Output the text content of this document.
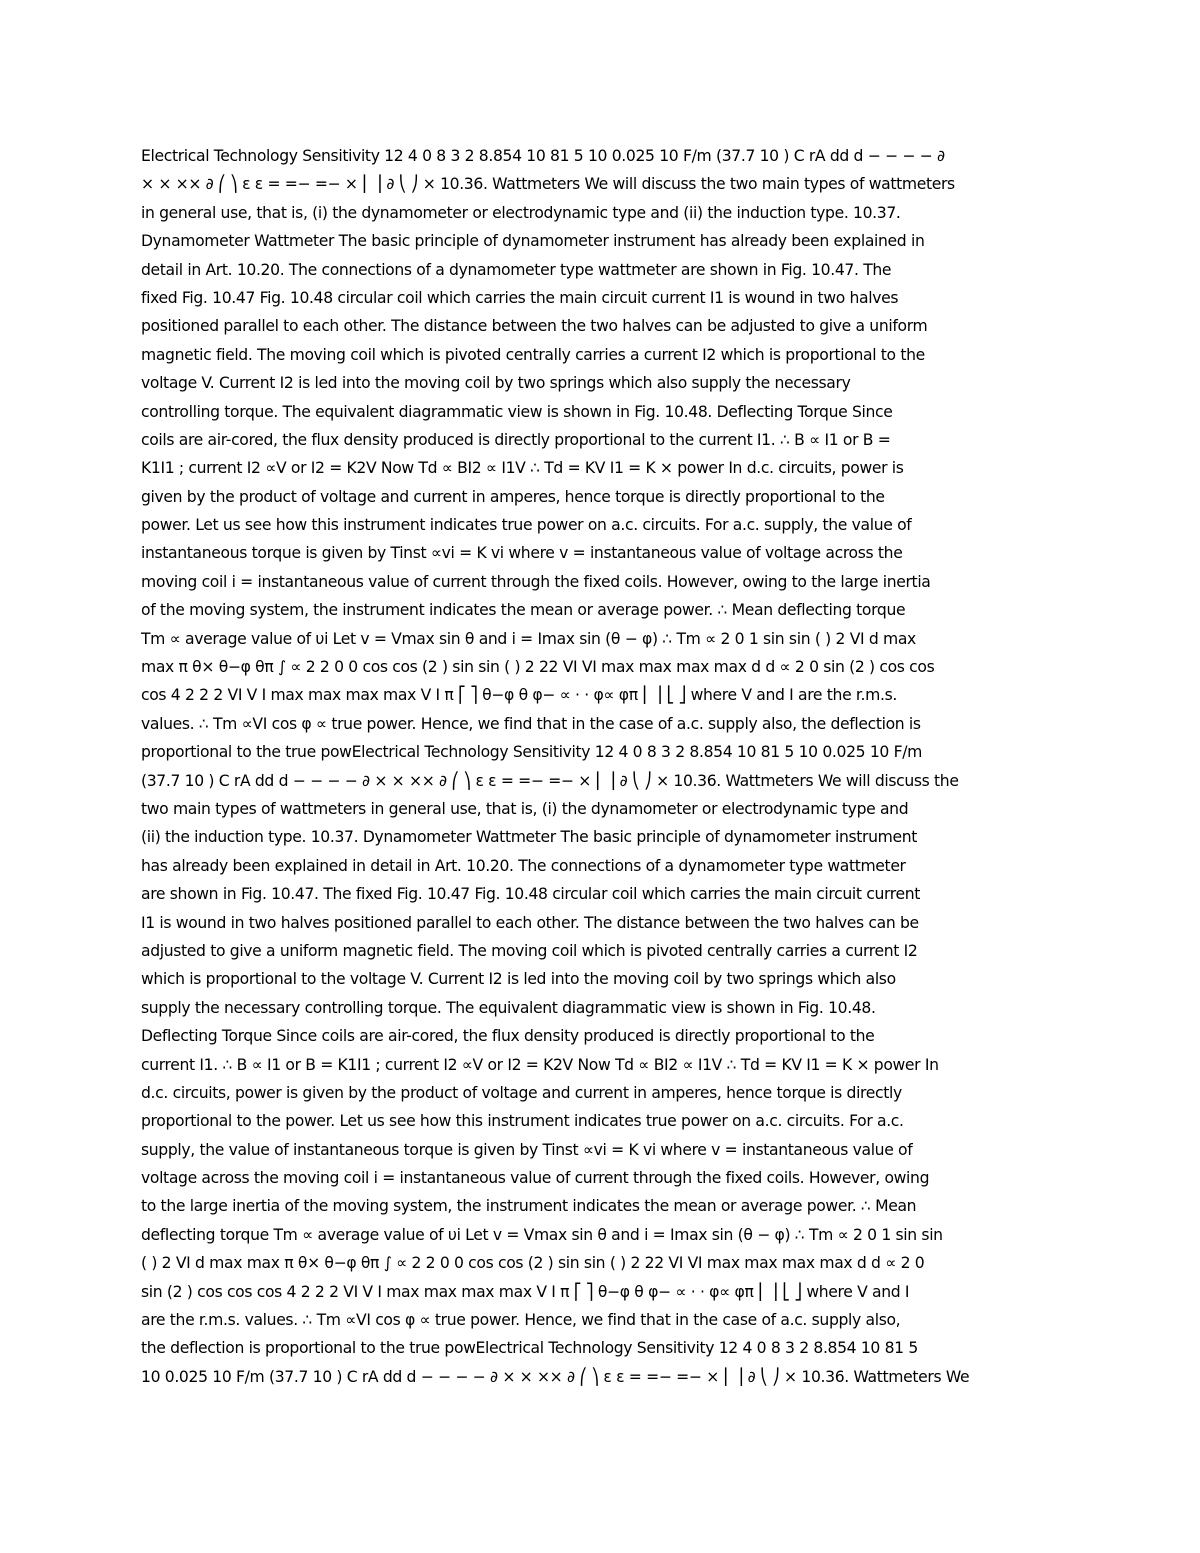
Electrical Technology Sensitivity 12 4 0 8 3 2 8.854 10 81 5 10 0.025 10 F/m (37.7 10 ) C rA dd d − − − − ∂
× × ×× ∂ ⎛ ⎞ ε ε = =− =− × ⎜ ⎟ ∂ ⎝ ⎠ × 10.36. Wattmeters We will discuss the two main types of wattmeters
in general use, that is, (i) the dynamometer or electrodynamic type and (ii) the induction type. 10.37.
Dynamometer Wattmeter The basic principle of dynamometer instrument has already been explained in
detail in Art. 10.20. The connections of a dynamometer type wattmeter are shown in Fig. 10.47. The
fixed Fig. 10.47 Fig. 10.48 circular coil which carries the main circuit current I1 is wound in two halves
positioned parallel to each other. The distance between the two halves can be adjusted to give a uniform
magnetic field. The moving coil which is pivoted centrally carries a current I2 which is proportional to the
voltage V. Current I2 is led into the moving coil by two springs which also supply the necessary
controlling torque. The equivalent diagrammatic view is shown in Fig. 10.48. Deflecting Torque Since
coils are air-cored, the flux density produced is directly proportional to the current I1. ∴ B ∝ I1 or B =
K1I1 ; current I2 ∝V or I2 = K2V Now Td ∝ BI2 ∝ I1V ∴ Td = KV I1 = K × power In d.c. circuits, power is
given by the product of voltage and current in amperes, hence torque is directly proportional to the
power. Let us see how this instrument indicates true power on a.c. circuits. For a.c. supply, the value of
instantaneous torque is given by Tinst ∝vi = K vi where v = instantaneous value of voltage across the
moving coil i = instantaneous value of current through the fixed coils. However, owing to the large inertia
of the moving system, the instrument indicates the mean or average power. ∴ Mean deflecting torque
Tm ∝ average value of υi Let v = Vmax sin θ and i = Imax sin (θ − φ) ∴ Tm ∝ 2 0 1 sin sin ( ) 2 VI d max
max π θ× θ−φ θπ ∫ ∝ 2 2 0 0 cos cos (2 ) sin sin ( ) 2 22 VI VI max max max max d d ∝ 2 0 sin (2 ) cos cos
cos 4 2 2 2 VI V I max max max max V I π ⎡ ⎤ θ−φ θ φ− ∝ · · φ∝ φπ ⎢ ⎥ ⎣ ⎦ where V and I are the r.m.s.
values. ∴ Tm ∝VI cos φ ∝ true power. Hence, we find that in the case of a.c. supply also, the deflection is
proportional to the true powElectrical Technology Sensitivity 12 4 0 8 3 2 8.854 10 81 5 10 0.025 10 F/m
(37.7 10 ) C rA dd d − − − − ∂ × × ×× ∂ ⎛ ⎞ ε ε = =− =− × ⎜ ⎟ ∂ ⎝ ⎠ × 10.36. Wattmeters We will discuss the
two main types of wattmeters in general use, that is, (i) the dynamometer or electrodynamic type and
(ii) the induction type. 10.37. Dynamometer Wattmeter The basic principle of dynamometer instrument
has already been explained in detail in Art. 10.20. The connections of a dynamometer type wattmeter
are shown in Fig. 10.47. The fixed Fig. 10.47 Fig. 10.48 circular coil which carries the main circuit current
I1 is wound in two halves positioned parallel to each other. The distance between the two halves can be
adjusted to give a uniform magnetic field. The moving coil which is pivoted centrally carries a current I2
which is proportional to the voltage V. Current I2 is led into the moving coil by two springs which also
supply the necessary controlling torque. The equivalent diagrammatic view is shown in Fig. 10.48.
Deflecting Torque Since coils are air-cored, the flux density produced is directly proportional to the
current I1. ∴ B ∝ I1 or B = K1I1 ; current I2 ∝V or I2 = K2V Now Td ∝ BI2 ∝ I1V ∴ Td = KV I1 = K × power In
d.c. circuits, power is given by the product of voltage and current in amperes, hence torque is directly
proportional to the power. Let us see how this instrument indicates true power on a.c. circuits. For a.c.
supply, the value of instantaneous torque is given by Tinst ∝vi = K vi where v = instantaneous value of
voltage across the moving coil i = instantaneous value of current through the fixed coils. However, owing
to the large inertia of the moving system, the instrument indicates the mean or average power. ∴ Mean
deflecting torque Tm ∝ average value of υi Let v = Vmax sin θ and i = Imax sin (θ − φ) ∴ Tm ∝ 2 0 1 sin sin
( ) 2 VI d max max π θ× θ−φ θπ ∫ ∝ 2 2 0 0 cos cos (2 ) sin sin ( ) 2 22 VI VI max max max max d d ∝ 2 0
sin (2 ) cos cos cos 4 2 2 2 VI V I max max max max V I π ⎡ ⎤ θ−φ θ φ− ∝ · · φ∝ φπ ⎢ ⎥ ⎣ ⎦ where V and I
are the r.m.s. values. ∴ Tm ∝VI cos φ ∝ true power. Hence, we find that in the case of a.c. supply also,
the deflection is proportional to the true powElectrical Technology Sensitivity 12 4 0 8 3 2 8.854 10 81 5
10 0.025 10 F/m (37.7 10 ) C rA dd d − − − − ∂ × × ×× ∂ ⎛ ⎞ ε ε = =− =− × ⎜ ⎟ ∂ ⎝ ⎠ × 10.36. Wattmeters We
